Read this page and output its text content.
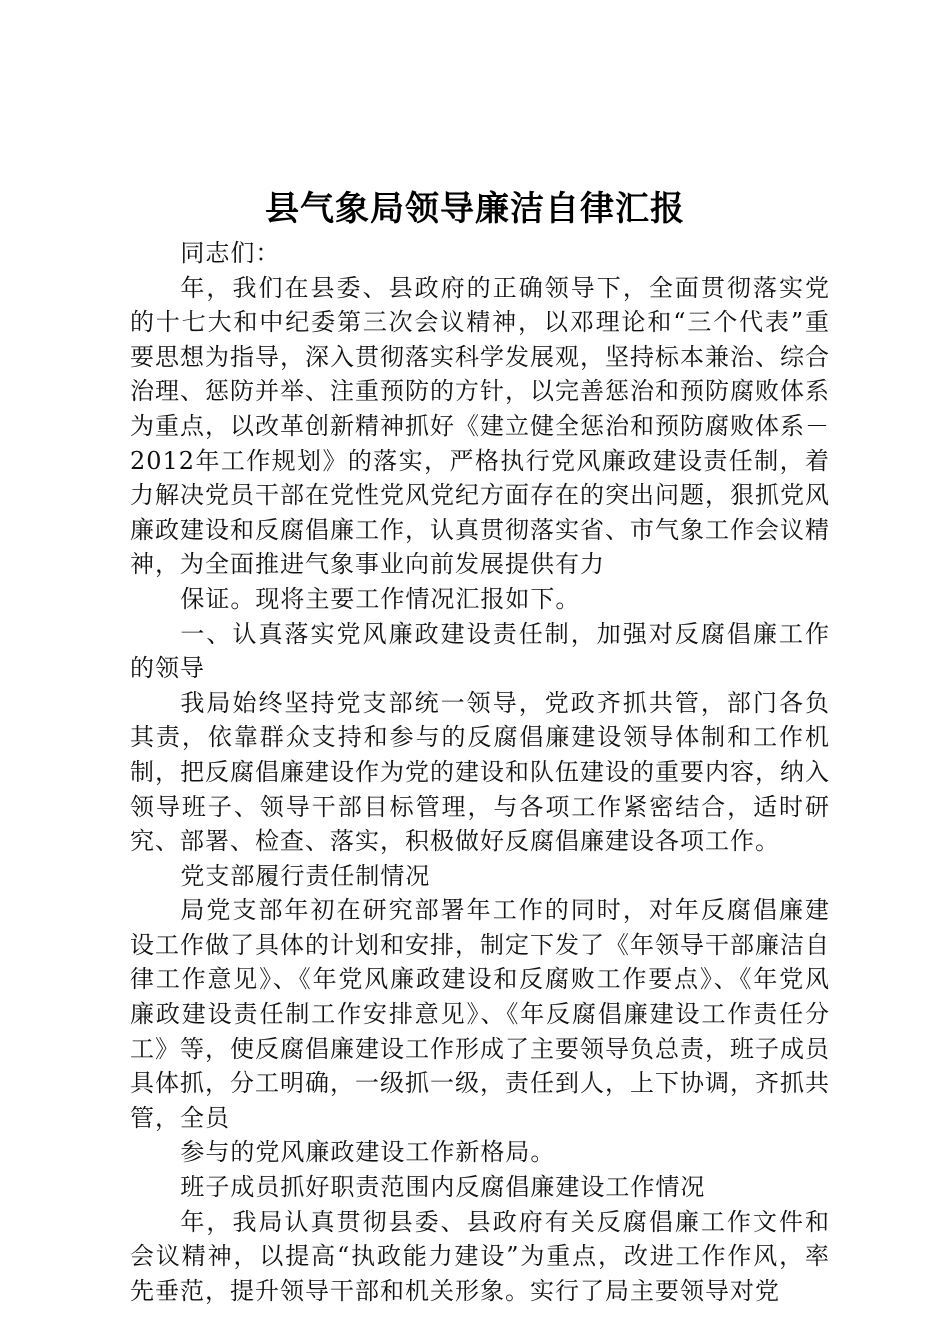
县气象局领导廉洁自律汇报

同志们：

年，我们在县委、县政府的正确领导下，全面贯彻落实党的十七大和中纪委第三次会议精神，以邓理论和“三个代表”重要思想为指导，深入贯彻落实科学发展观，坚持标本兼治、综合治理、惩防并举、注重预防的方针，以完善惩治和预防腐败体系为重点，以改革创新精神抓好《建立健全惩治和预防腐败体系－2012年工作规划》的落实，严格执行党风廉政建设责任制，着力解决党员干部在党性党风党纪方面存在的突出问题，狠抓党风廉政建设和反腐倡廉工作，认真贯彻落实省、市气象工作会议精神，为全面推进气象事业向前发展提供有力

保证。现将主要工作情况汇报如下。

一、认真落实党风廉政建设责任制，加强对反腐倡廉工作的领导

我局始终坚持党支部统一领导，党政齐抓共管，部门各负其责，依靠群众支持和参与的反腐倡廉建设领导体制和工作机制，把反腐倡廉建设作为党的建设和队伍建设的重要内容，纳入领导班子、领导干部目标管理，与各项工作紧密结合，适时研究、部署、检查、落实，积极做好反腐倡廉建设各项工作。

党支部履行责任制情况

局党支部年初在研究部署年工作的同时，对年反腐倡廉建设工作做了具体的计划和安排，制定下发了《年领导干部廉洁自律工作意见》、《年党风廉政建设和反腐败工作要点》、《年党风廉政建设责任制工作安排意见》、《年反腐倡廉建设工作责任分工》等，使反腐倡廉建设工作形成了主要领导负总责，班子成员具体抓，分工明确，一级抓一级，责任到人，上下协调，齐抓共管，全员

参与的党风廉政建设工作新格局。

班子成员抓好职责范围内反腐倡廉建设工作情况

年，我局认真贯彻县委、县政府有关反腐倡廉工作文件和会议精神，以提高“执政能力建设”为重点，改进工作作风，率先垂范，提升领导干部和机关形象。实行了局主要领导对党
